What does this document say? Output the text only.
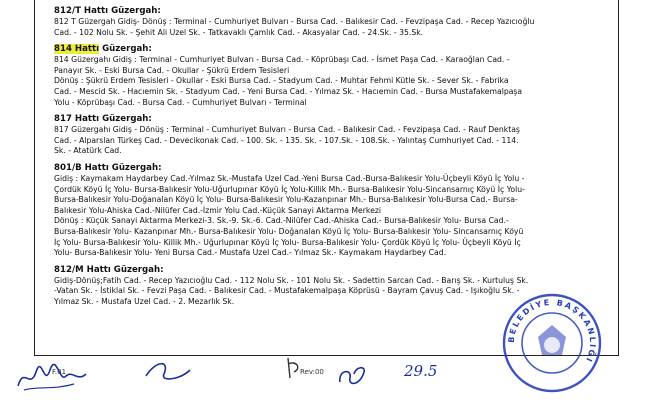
812/T Hattı Güzergah:

812 T Güzergah Gidiş- Dönüş : Terminal - Cumhuriyet Bulvarı - Bursa Cad. - Balıkesir Cad. - Fevzipaşa Cad. - Recep Yazıcıoğlu
Cad. - 102 Nolu Sk. - Şehit Ali Uzel Sk. - Tatkavaklı Çamlık Cad. - Akasyalar Cad. - 24.Sk. - 35.Sk.

814 Hattı Güzergah:

814 Güzergahı Gidiş : Terminal - Cumhuriyet Bulvarı - Bursa Cad. - Köprübaşı Cad. - İsmet Paşa Cad. - Karaoğlan Cad. -
Panayır Sk. - Eski Bursa Cad. - Okullar - Şükrü Erdem Tesisleri
Dönüş : Şükrü Erdem Tesisleri - Okullar - Eski Bursa Cad. - Stadyum Cad. - Muhtar Fehmi Kütle Sk. - Sever Sk. - Fabrika
Cad. - Mescid Sk. - Hacıemin Sk. - Stadyum Cad. - Yeni Bursa Cad. - Yılmaz Sk. - Hacıemin Cad. - Bursa Mustafakemalpaşa
Yolu - Köprübaşı Cad. - Bursa Cad. - Cumhuriyet Bulvarı - Terminal

817 Hattı Güzergah:

817 Güzergahı Gidiş - Dönüş : Terminal - Cumhuriyet Bulvarı - Bursa Cad. - Balıkesir Cad. - Fevzipaşa Cad. - Rauf Denktaş
Cad. - Alparslan Türkeş Cad. - Devecikonak Cad. - 100. Sk. - 135. Sk. - 107.Sk. - 108.Sk. - Yalıntaş Cumhuriyet Cad. - 114.
Sk. - Atatürk Cad.

801/B Hattı Güzergah:

Gidiş : Kaymakam Haydarbey Cad.-Yılmaz Sk.-Mustafa Uzel Cad.-Yeni Bursa Cad.-Bursa-Balıkesir Yolu-Üçbeyli Köyü İç Yolu -
Çordük Köyü İç Yolu- Bursa-Balıkesir Yolu-Uğurlupınar Köyü İç Yolu-Killik Mh.- Bursa-Balıkesir Yolu-Sincansarnıç Köyü İç Yolu-
Bursa-Balıkesir Yolu-Doğanalan Köyü İç Yolu- Bursa-Balıkesir Yolu-Kazanpınar Mh.- Bursa-Balıkesir Yolu-Bursa Cad.- Bursa-
Balıkesir Yolu-Ahiska Cad.-Nilüfer Cad.-İzmir Yolu Cad.-Küçük Sanayi Aktarma Merkezi
Dönüş : Küçük Sanayi Aktarma Merkezi-3. Sk.-9. Sk.-6. Cad.-Nilüfer Cad.-Ahiska Cad.- Bursa-Balıkesir Yolu- Bursa Cad.-
Bursa-Balıkesir Yolu- Kazanpınar Mh.- Bursa-Balıkesir Yolu- Doğanalan Köyü İç Yolu- Bursa-Balıkesir Yolu- Sincansarnıç Köyü
İç Yolu- Bursa-Balıkesir Yolu- Killik Mh.- Uğurlupınar Köyü İç Yolu- Bursa-Balıkesir Yolu- Çordük Köyü İç Yolu- Üçbeyli Köyü İç
Yolu- Bursa-Balıkesir Yolu- Yeni Bursa Cad.- Mustafa Uzel Cad.- Yılmaz Sk.- Kaymakam Haydarbey Cad.

812/M Hattı Güzergah:

Gidiş-Dönüş;Fatih Cad. - Recep Yazıcıoğlu Cad. - 112 Nolu Sk. - 101 Nolu Sk. - Sadettin Sarcan Cad. - Barış Sk. - Kurtuluş Sk.
-Vatan Sk. - İstiklal Sk. - Fevzi Paşa Cad. - Balıkesir Cad. - Mustafakemalpaşa Köprüsü - Bayram Çavuş Cad. - Işıkoğlu Sk. -
Yılmaz Sk. - Mustafa Uzel Cad. - 2. Mezarlık Sk.

F.01	Rev:00	29.5
BELEDİYE BAŞKANLIĞI
